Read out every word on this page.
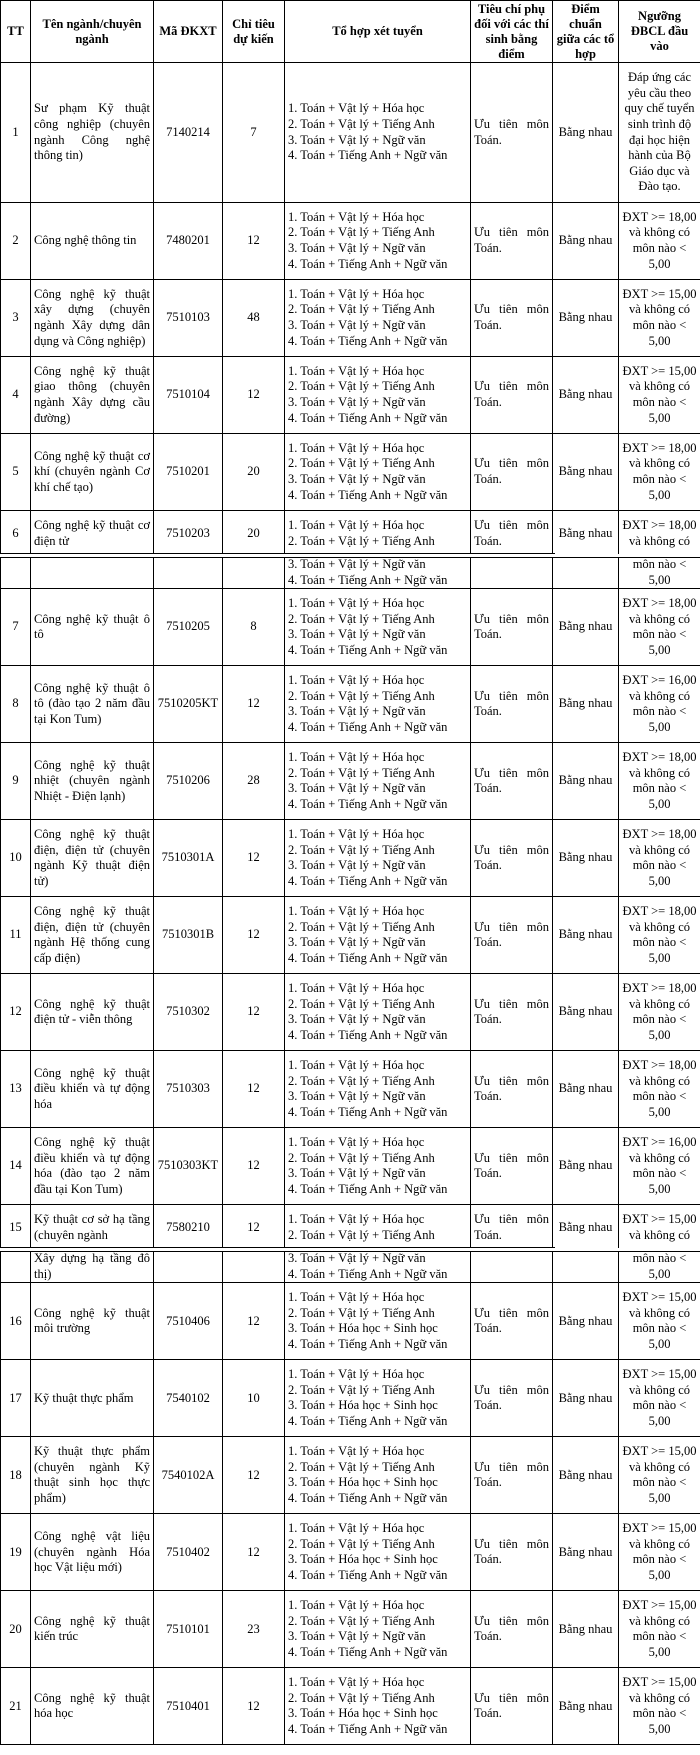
TT	Tên ngành/chuyên ngành	Mã ĐKXT	Chỉ tiêu dự kiến	Tổ hợp xét tuyển	Tiêu chí phụ đối với các thí sinh bằng điểm	Điểm chuẩn giữa các tổ hợp	Ngưỡng ĐBCL đầu vào
1	Sư phạm Kỹ thuật công nghiệp (chuyên ngành Công nghệ thông tin)	7140214	7	1. Toán + Vật lý + Hóa học
2. Toán + Vật lý + Tiếng Anh
3. Toán + Vật lý + Ngữ văn
4. Toán + Tiếng Anh + Ngữ văn	Ưu tiên môn Toán.	Bằng nhau	Đáp ứng các yêu cầu theo quy chế tuyển sinh trình độ đại học hiện hành của Bộ Giáo dục và Đào tạo.
2	Công nghệ thông tin	7480201	12	1. Toán + Vật lý + Hóa học
2. Toán + Vật lý + Tiếng Anh
3. Toán + Vật lý + Ngữ văn
4. Toán + Tiếng Anh + Ngữ văn	Ưu tiên môn Toán.	Bằng nhau	ĐXT >= 18,00 và không có môn nào < 5,00
3	Công nghệ kỹ thuật xây dựng (chuyên ngành Xây dựng dân dụng và Công nghiệp)	7510103	48	1. Toán + Vật lý + Hóa học
2. Toán + Vật lý + Tiếng Anh
3. Toán + Vật lý + Ngữ văn
4. Toán + Tiếng Anh + Ngữ văn	Ưu tiên môn Toán.	Bằng nhau	ĐXT >= 15,00 và không có môn nào < 5,00
4	Công nghệ kỹ thuật giao thông (chuyên ngành Xây dựng cầu đường)	7510104	12	1. Toán + Vật lý + Hóa học
2. Toán + Vật lý + Tiếng Anh
3. Toán + Vật lý + Ngữ văn
4. Toán + Tiếng Anh + Ngữ văn	Ưu tiên môn Toán.	Bằng nhau	ĐXT >= 15,00 và không có môn nào < 5,00
5	Công nghệ kỹ thuật cơ khí (chuyên ngành Cơ khí chế tạo)	7510201	20	1. Toán + Vật lý + Hóa học
2. Toán + Vật lý + Tiếng Anh
3. Toán + Vật lý + Ngữ văn
4. Toán + Tiếng Anh + Ngữ văn	Ưu tiên môn Toán.	Bằng nhau	ĐXT >= 18,00 và không có môn nào < 5,00
6	Công nghệ kỹ thuật cơ điện tử	7510203	20	1. Toán + Vật lý + Hóa học
2. Toán + Vật lý + Tiếng Anh	Ưu tiên môn Toán.	Bằng nhau	ĐXT >= 18,00 và không có

				3. Toán + Vật lý + Ngữ văn
4. Toán + Tiếng Anh + Ngữ văn			môn nào < 5,00
7	Công nghệ kỹ thuật ô tô	7510205	8	1. Toán + Vật lý + Hóa học
2. Toán + Vật lý + Tiếng Anh
3. Toán + Vật lý + Ngữ văn
4. Toán + Tiếng Anh + Ngữ văn	Ưu tiên môn Toán.	Bằng nhau	ĐXT >= 18,00 và không có môn nào < 5,00
8	Công nghệ kỹ thuật ô tô (đào tạo 2 năm đầu tại Kon Tum)	7510205KT	12	1. Toán + Vật lý + Hóa học
2. Toán + Vật lý + Tiếng Anh
3. Toán + Vật lý + Ngữ văn
4. Toán + Tiếng Anh + Ngữ văn	Ưu tiên môn Toán.	Bằng nhau	ĐXT >= 16,00 và không có môn nào < 5,00
9	Công nghệ kỹ thuật nhiệt (chuyên ngành Nhiệt - Điện lạnh)	7510206	28	1. Toán + Vật lý + Hóa học
2. Toán + Vật lý + Tiếng Anh
3. Toán + Vật lý + Ngữ văn
4. Toán + Tiếng Anh + Ngữ văn	Ưu tiên môn Toán.	Bằng nhau	ĐXT >= 18,00 và không có môn nào < 5,00
10	Công nghệ kỹ thuật điện, điện tử (chuyên ngành Kỹ thuật điện tử)	7510301A	12	1. Toán + Vật lý + Hóa học
2. Toán + Vật lý + Tiếng Anh
3. Toán + Vật lý + Ngữ văn
4. Toán + Tiếng Anh + Ngữ văn	Ưu tiên môn Toán.	Bằng nhau	ĐXT >= 18,00 và không có môn nào < 5,00
11	Công nghệ kỹ thuật điện, điện tử (chuyên ngành Hệ thống cung cấp điện)	7510301B	12	1. Toán + Vật lý + Hóa học
2. Toán + Vật lý + Tiếng Anh
3. Toán + Vật lý + Ngữ văn
4. Toán + Tiếng Anh + Ngữ văn	Ưu tiên môn Toán.	Bằng nhau	ĐXT >= 18,00 và không có môn nào < 5,00
12	Công nghệ kỹ thuật điện tử - viễn thông	7510302	12	1. Toán + Vật lý + Hóa học
2. Toán + Vật lý + Tiếng Anh
3. Toán + Vật lý + Ngữ văn
4. Toán + Tiếng Anh + Ngữ văn	Ưu tiên môn Toán.	Bằng nhau	ĐXT >= 18,00 và không có môn nào < 5,00
13	Công nghệ kỹ thuật điều khiển và tự động hóa	7510303	12	1. Toán + Vật lý + Hóa học
2. Toán + Vật lý + Tiếng Anh
3. Toán + Vật lý + Ngữ văn
4. Toán + Tiếng Anh + Ngữ văn	Ưu tiên môn Toán.	Bằng nhau	ĐXT >= 18,00 và không có môn nào < 5,00
14	Công nghệ kỹ thuật điều khiển và tự động hóa (đào tạo 2 năm đầu tại Kon Tum)	7510303KT	12	1. Toán + Vật lý + Hóa học
2. Toán + Vật lý + Tiếng Anh
3. Toán + Vật lý + Ngữ văn
4. Toán + Tiếng Anh + Ngữ văn	Ưu tiên môn Toán.	Bằng nhau	ĐXT >= 16,00 và không có môn nào < 5,00
15	Kỹ thuật cơ sở hạ tầng (chuyên ngành	7580210	12	1. Toán + Vật lý + Hóa học
2. Toán + Vật lý + Tiếng Anh	Ưu tiên môn Toán.	Bằng nhau	ĐXT >= 15,00 và không có
	Xây dựng hạ tầng đô thị)			3. Toán + Vật lý + Ngữ văn
4. Toán + Tiếng Anh + Ngữ văn			môn nào < 5,00
16	Công nghệ kỹ thuật môi trường	7510406	12	1. Toán + Vật lý + Hóa học
2. Toán + Vật lý + Tiếng Anh
3. Toán + Hóa học + Sinh học
4. Toán + Tiếng Anh + Ngữ văn	Ưu tiên môn Toán.	Bằng nhau	ĐXT >= 15,00 và không có môn nào < 5,00
17	Kỹ thuật thực phẩm	7540102	10	1. Toán + Vật lý + Hóa học
2. Toán + Vật lý + Tiếng Anh
3. Toán + Hóa học + Sinh học
4. Toán + Tiếng Anh + Ngữ văn	Ưu tiên môn Toán.	Bằng nhau	ĐXT >= 15,00 và không có môn nào < 5,00
18	Kỹ thuật thực phẩm (chuyên ngành Kỹ thuật sinh học thực phẩm)	7540102A	12	1. Toán + Vật lý + Hóa học
2. Toán + Vật lý + Tiếng Anh
3. Toán + Hóa học + Sinh học
4. Toán + Tiếng Anh + Ngữ văn	Ưu tiên môn Toán.	Bằng nhau	ĐXT >= 15,00 và không có môn nào < 5,00
19	Công nghệ vật liệu (chuyên ngành Hóa học Vật liệu mới)	7510402	12	1. Toán + Vật lý + Hóa học
2. Toán + Vật lý + Tiếng Anh
3. Toán + Hóa học + Sinh học
4. Toán + Tiếng Anh + Ngữ văn	Ưu tiên môn Toán.	Bằng nhau	ĐXT >= 15,00 và không có môn nào < 5,00
20	Công nghệ kỹ thuật kiến trúc	7510101	23	1. Toán + Vật lý + Hóa học
2. Toán + Vật lý + Tiếng Anh
3. Toán + Vật lý + Ngữ văn
4. Toán + Tiếng Anh + Ngữ văn	Ưu tiên môn Toán.	Bằng nhau	ĐXT >= 15,00 và không có môn nào < 5,00
21	Công nghệ kỹ thuật hóa học	7510401	12	1. Toán + Vật lý + Hóa học
2. Toán + Vật lý + Tiếng Anh
3. Toán + Hóa học + Sinh học
4. Toán + Tiếng Anh + Ngữ văn	Ưu tiên môn Toán.	Bằng nhau	ĐXT >= 15,00 và không có môn nào < 5,00
